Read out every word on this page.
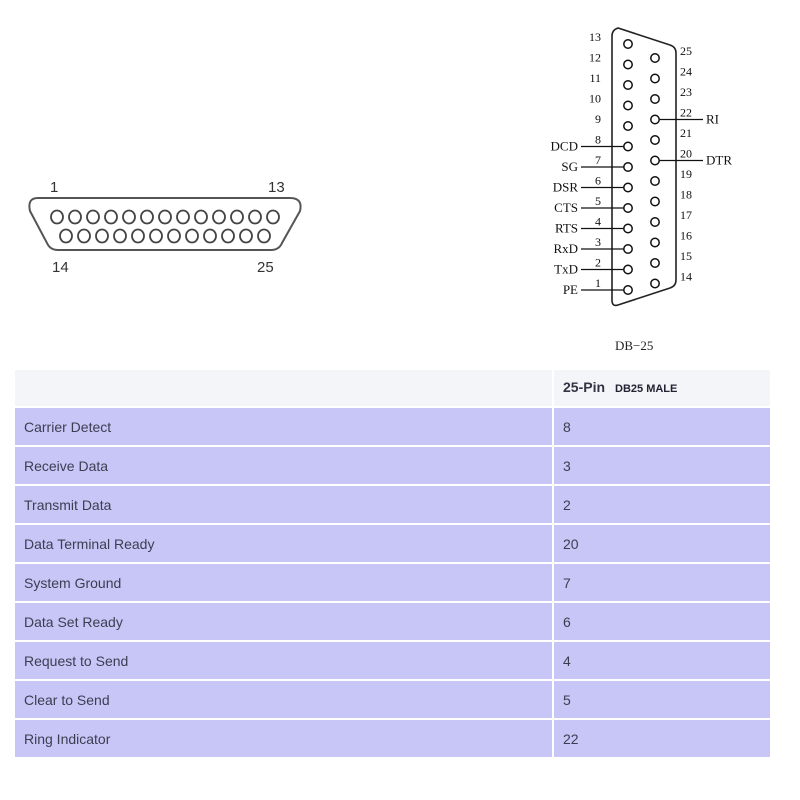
1	13
14	25
13
12
11
10
9
8
7
6
5
4
3
2
1
25
24
23
22
21
20
19
18
17
16
15
14
DCD
SG
DSR
CTS
RTS
RxD
TxD
PE
RI
DTR
DB−25
	25-Pin DB25 MALE
Carrier Detect	8
Receive Data	3
Transmit Data	2
Data Terminal Ready	20
System Ground	7
Data Set Ready	6
Request to Send	4
Clear to Send	5
Ring Indicator	22
